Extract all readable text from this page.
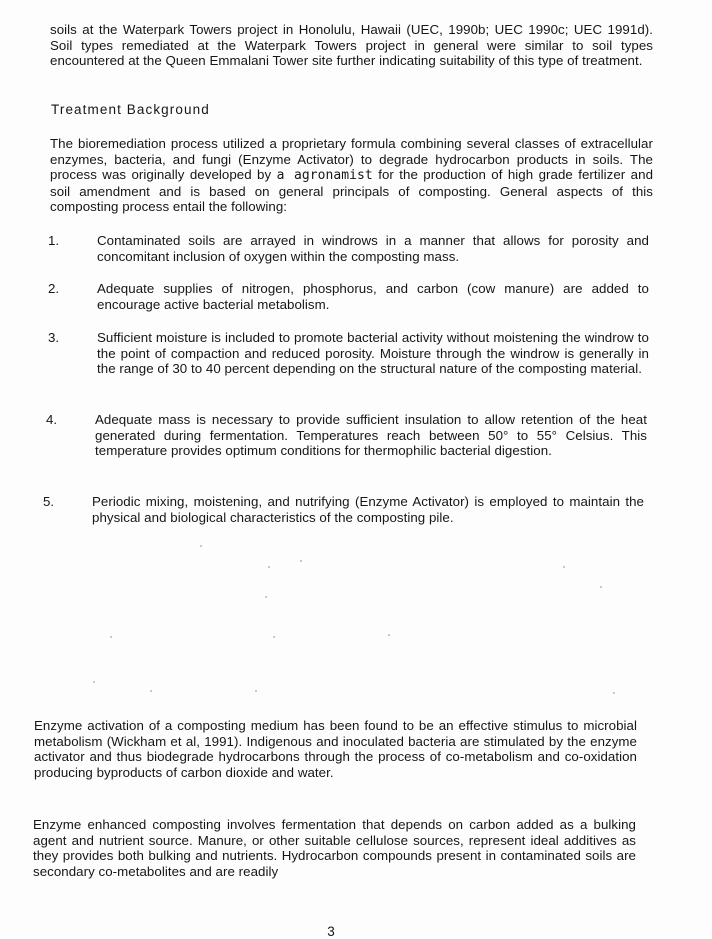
soils at the Waterpark Towers project in Honolulu, Hawaii (UEC, 1990b; UEC 1990c; UEC 1991d). Soil types remediated at the Waterpark Towers project in general were similar to soil types encountered at the Queen Emmalani Tower site further indicating suitability of this type of treatment.

Treatment Background

The bioremediation process utilized a proprietary formula combining several classes of extracellular enzymes, bacteria, and fungi (Enzyme Activator) to degrade hydrocarbon products in soils. The process was originally developed by a agronamist for the production of high grade fertilizer and soil amendment and is based on general principals of composting. General aspects of this composting process entail the following:

1.	Contaminated soils are arrayed in windrows in a manner that allows for porosity and concomitant inclusion of oxygen within the composting mass.

2.	Adequate supplies of nitrogen, phosphorus, and carbon (cow manure) are added to encourage active bacterial metabolism.

3.	Sufficient moisture is included to promote bacterial activity without moistening the windrow to the point of compaction and reduced porosity. Moisture through the windrow is generally in the range of 30 to 40 percent depending on the structural nature of the composting material.

4.	Adequate mass is necessary to provide sufficient insulation to allow retention of the heat generated during fermentation. Temperatures reach between 50° to 55° Celsius. This temperature provides optimum conditions for thermophilic bacterial digestion.

5.	Periodic mixing, moistening, and nutrifying (Enzyme Activator) is employed to maintain the physical and biological characteristics of the composting pile.

Enzyme activation of a composting medium has been found to be an effective stimulus to microbial metabolism (Wickham et al, 1991). Indigenous and inoculated bacteria are stimulated by the enzyme activator and thus biodegrade hydrocarbons through the process of co-metabolism and co-oxidation producing byproducts of carbon dioxide and water.

Enzyme enhanced composting involves fermentation that depends on carbon added as a bulking agent and nutrient source. Manure, or other suitable cellulose sources, represent ideal additives as they provides both bulking and nutrients. Hydrocarbon compounds present in contaminated soils are secondary co-metabolites and are readily

3
